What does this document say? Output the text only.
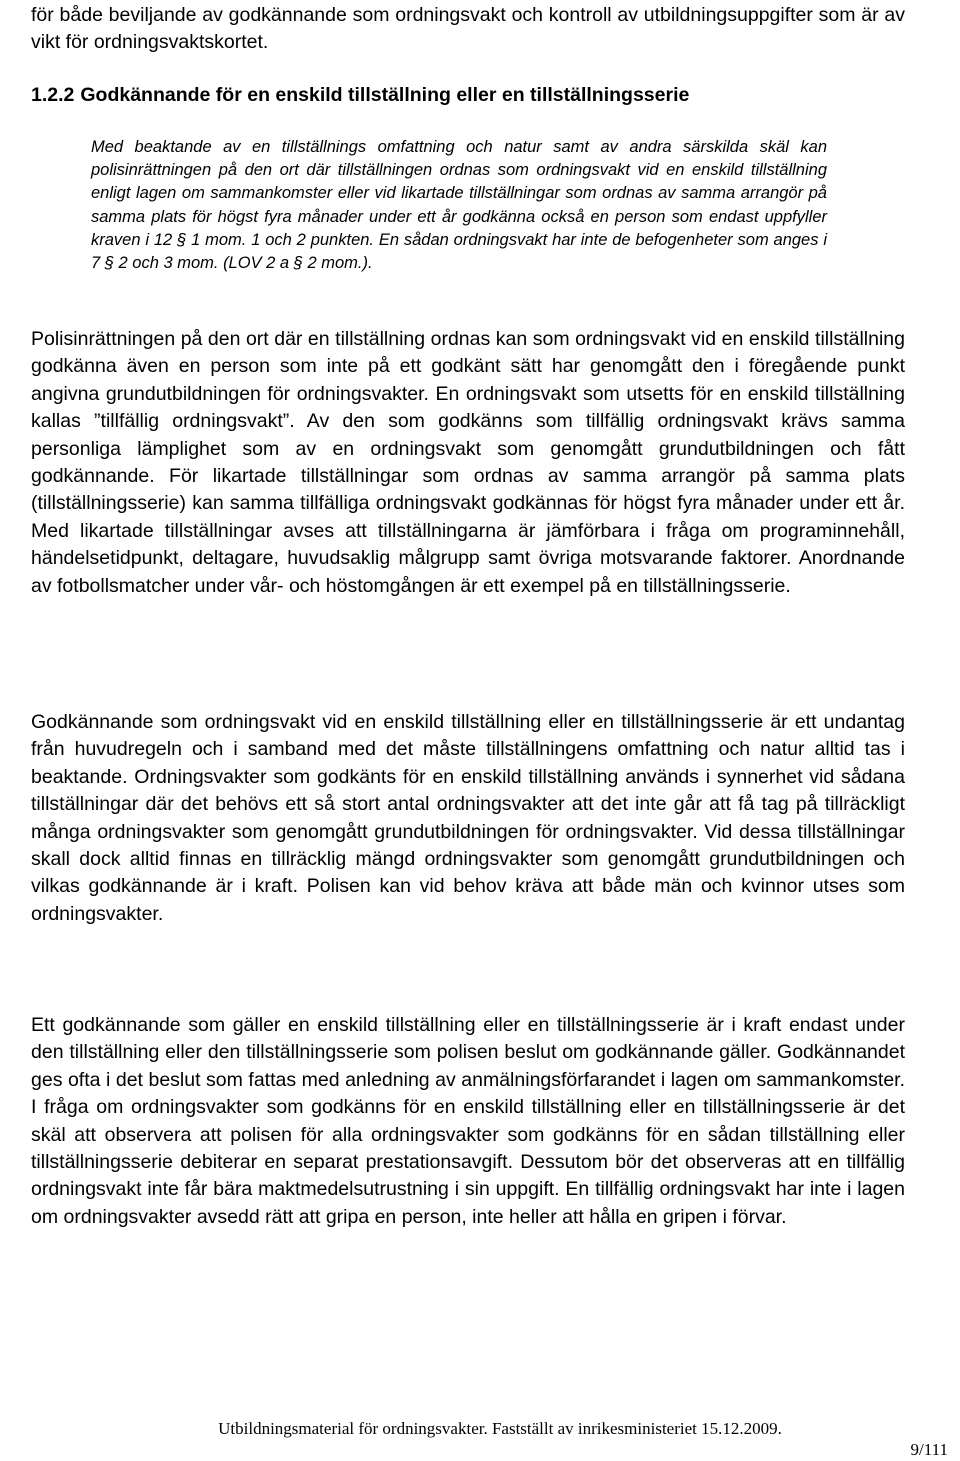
för både beviljande av godkännande som ordningsvakt och kontroll av utbildningsuppgifter som är av vikt för ordningsvaktskortet.
1.2.2 Godkännande för en enskild tillställning eller en tillställningsserie
Med beaktande av en tillställnings omfattning och natur samt av andra särskilda skäl kan polisinrättningen på den ort där tillställningen ordnas som ordningsvakt vid en enskild tillställning enligt lagen om sammankomster eller vid likartade tillställningar som ordnas av samma arrangör på samma plats för högst fyra månader under ett år godkänna också en person som endast uppfyller kraven i 12 § 1 mom. 1 och 2 punkten. En sådan ordningsvakt har inte de befogenheter som anges i 7 § 2 och 3 mom. (LOV 2 a § 2 mom.).
Polisinrättningen på den ort där en tillställning ordnas kan som ordningsvakt vid en enskild tillställning godkänna även en person som inte på ett godkänt sätt har genomgått den i föregående punkt angivna grundutbildningen för ordningsvakter. En ordningsvakt som utsetts för en enskild tillställning kallas ”tillfällig ordningsvakt”. Av den som godkänns som tillfällig ordningsvakt krävs samma personliga lämplighet som av en ordningsvakt som genomgått grundutbildningen och fått godkännande. För likartade tillställningar som ordnas av samma arrangör på samma plats (tillställningsserie) kan samma tillfälliga ordningsvakt godkännas för högst fyra månader under ett år. Med likartade tillställningar avses att tillställningarna är jämförbara i fråga om programinnehåll, händelsetidpunkt, deltagare, huvudsaklig målgrupp samt övriga motsvarande faktorer. Anordnande av fotbollsmatcher under vår- och höstomgången är ett exempel på en tillställningsserie.
Godkännande som ordningsvakt vid en enskild tillställning eller en tillställningsserie är ett undantag från huvudregeln och i samband med det måste tillställningens omfattning och natur alltid tas i beaktande. Ordningsvakter som godkänts för en enskild tillställning används i synnerhet vid sådana tillställningar där det behövs ett så stort antal ordningsvakter att det inte går att få tag på tillräckligt många ordningsvakter som genomgått grundutbildningen för ordningsvakter. Vid dessa tillställningar skall dock alltid finnas en tillräcklig mängd ordningsvakter som genomgått grundutbildningen och vilkas godkännande är i kraft. Polisen kan vid behov kräva att både män och kvinnor utses som ordningsvakter.
Ett godkännande som gäller en enskild tillställning eller en tillställningsserie är i kraft endast under den tillställning eller den tillställningsserie som polisen beslut om godkännande gäller. Godkännandet ges ofta i det beslut som fattas med anledning av anmälningsförfarandet i lagen om sammankomster. I fråga om ordningsvakter som godkänns för en enskild tillställning eller en tillställningsserie är det skäl att observera att polisen för alla ordningsvakter som godkänns för en sådan tillställning eller tillställningsserie debiterar en separat prestationsavgift. Dessutom bör det observeras att en tillfällig ordningsvakt inte får bära maktmedelsutrustning i sin uppgift. En tillfällig ordningsvakt har inte i lagen om ordningsvakter avsedd rätt att gripa en person, inte heller att hålla en gripen i förvar.
Utbildningsmaterial för ordningsvakter. Fastställt av inrikesministeriet 15.12.2009.
9/111
